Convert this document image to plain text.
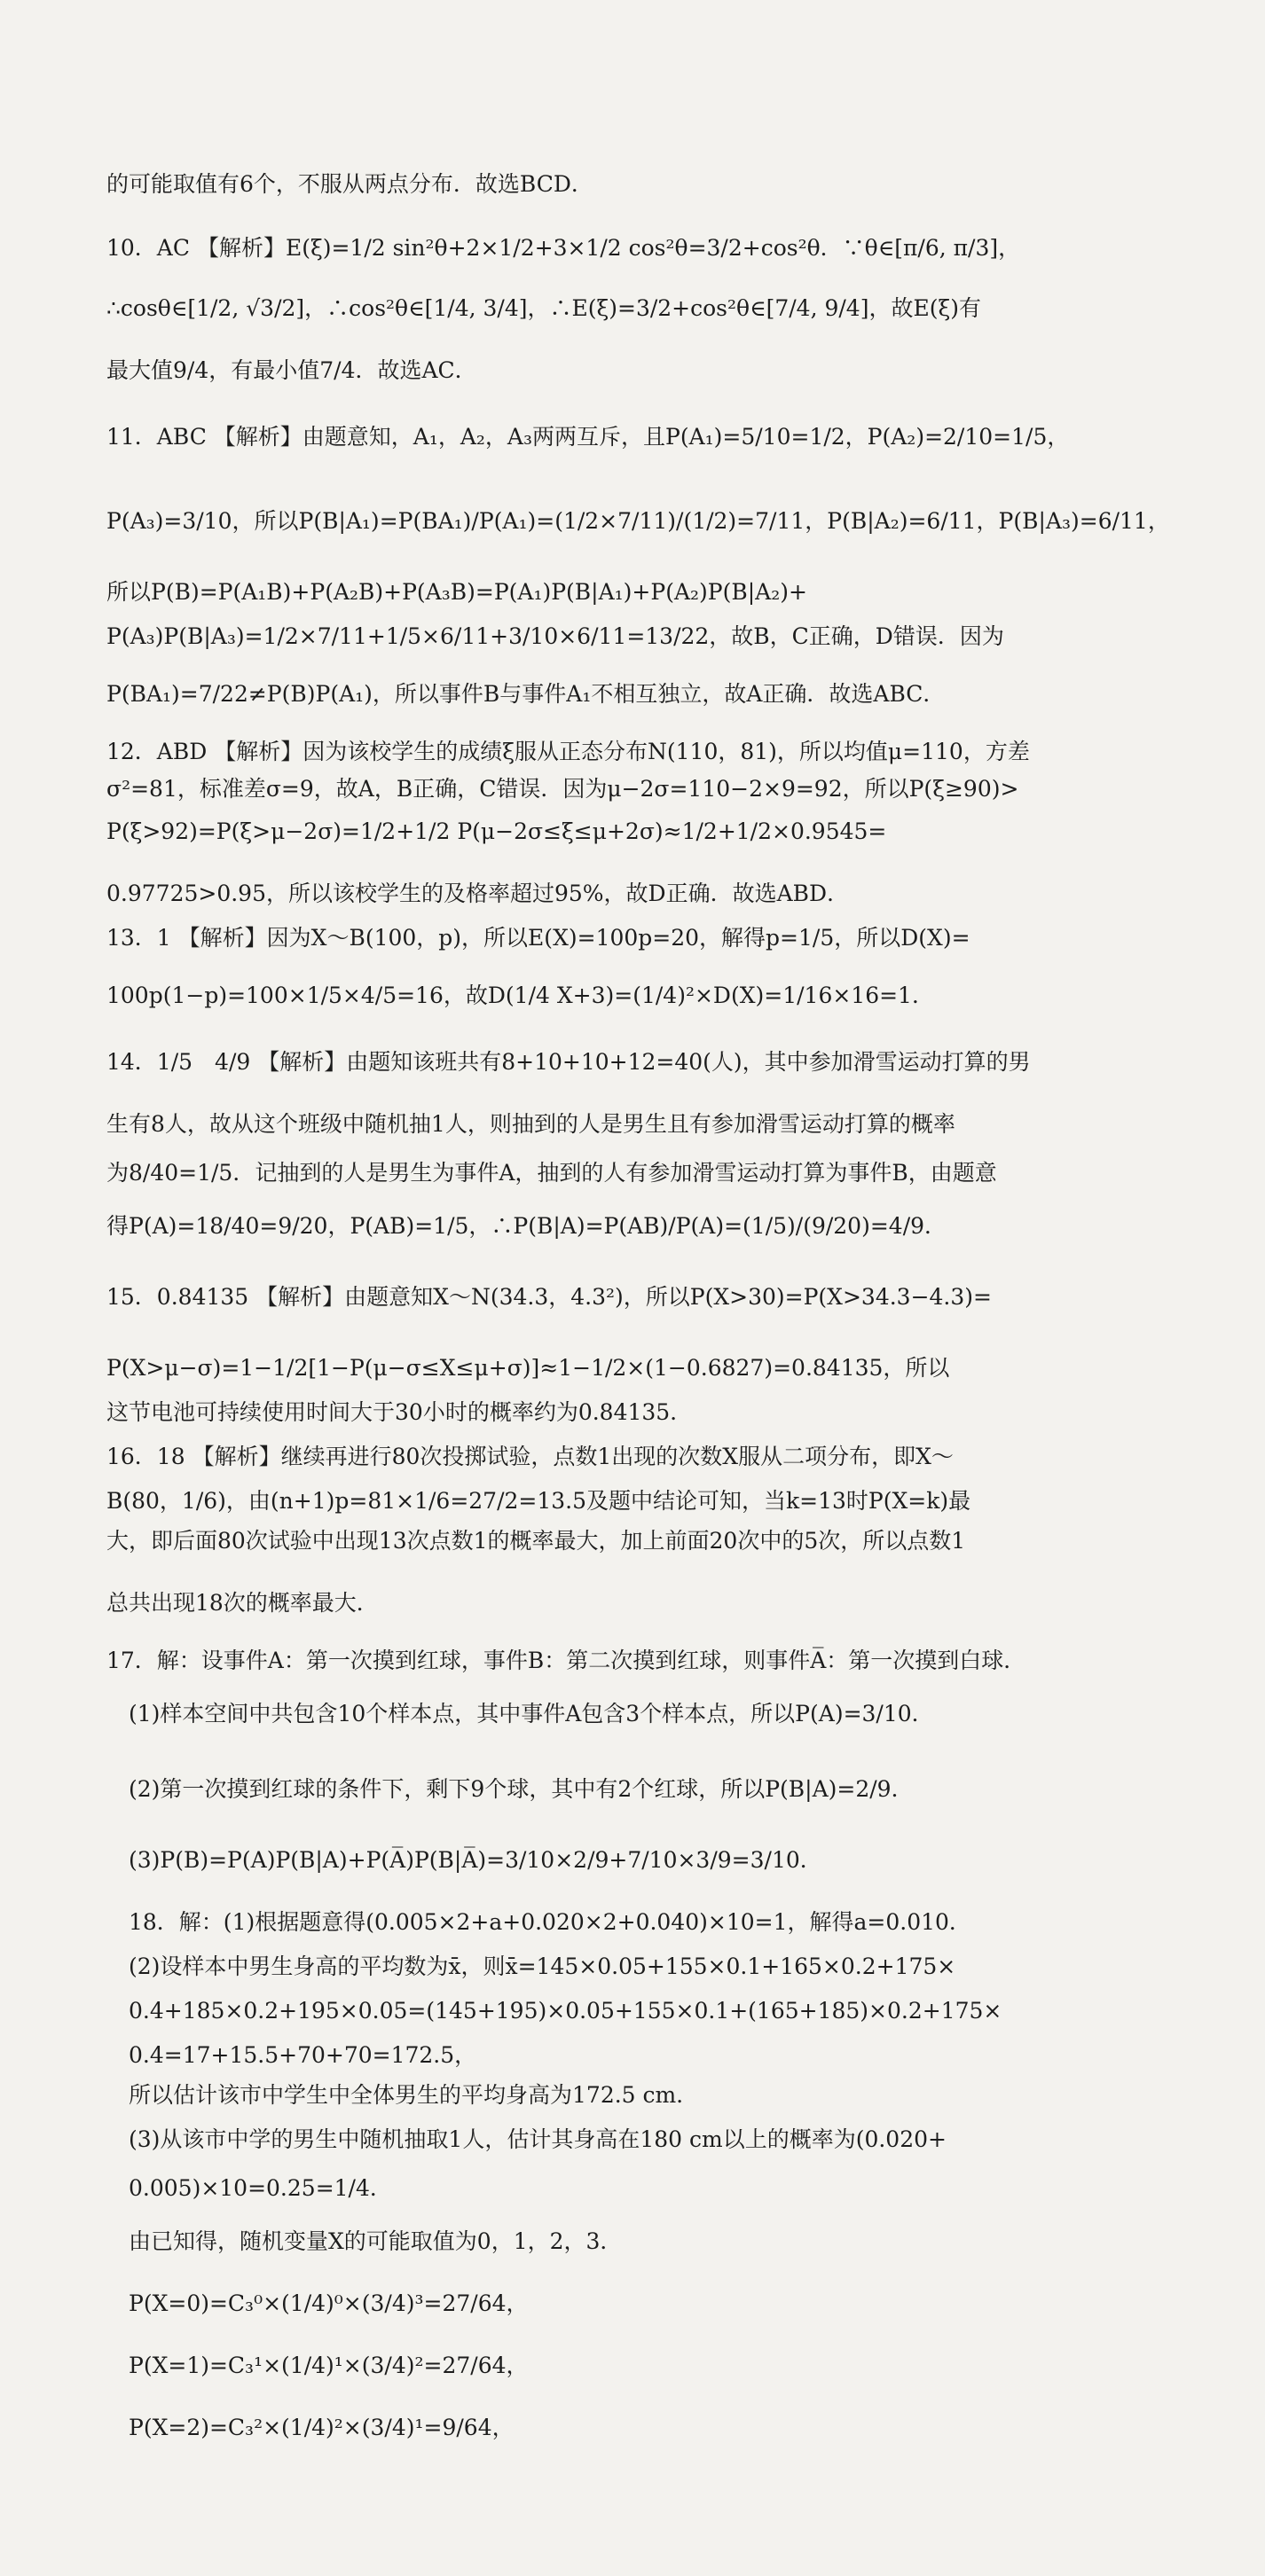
的可能取值有6个，不服从两点分布．故选BCD．
10．AC 【解析】E(ξ)=1/2 sin²θ+2×1/2+3×1/2 cos²θ=3/2+cos²θ．∵θ∈[π/6, π/3]，
∴cosθ∈[1/2, √3/2]，∴cos²θ∈[1/4, 3/4]，∴E(ξ)=3/2+cos²θ∈[7/4, 9/4]，故E(ξ)有
最大值9/4，有最小值7/4．故选AC．
11．ABC 【解析】由题意知，A₁，A₂，A₃两两互斥，且P(A₁)=5/10=1/2，P(A₂)=2/10=1/5，
P(A₃)=3/10，所以P(B|A₁)=P(BA₁)/P(A₁)=(1/2×7/11)/(1/2)=7/11，P(B|A₂)=6/11，P(B|A₃)=6/11，
所以P(B)=P(A₁B)+P(A₂B)+P(A₃B)=P(A₁)P(B|A₁)+P(A₂)P(B|A₂)+
P(A₃)P(B|A₃)=1/2×7/11+1/5×6/11+3/10×6/11=13/22，故B，C正确，D错误．因为
P(BA₁)=7/22≠P(B)P(A₁)，所以事件B与事件A₁不相互独立，故A正确．故选ABC．
12．ABD 【解析】因为该校学生的成绩ξ服从正态分布N(110，81)，所以均值μ=110，方差
σ²=81，标准差σ=9，故A，B正确，C错误．因为μ−2σ=110−2×9=92，所以P(ξ≥90)>
P(ξ>92)=P(ξ>μ−2σ)=1/2+1/2 P(μ−2σ≤ξ≤μ+2σ)≈1/2+1/2×0.9545=
0.97725>0.95，所以该校学生的及格率超过95%，故D正确．故选ABD．
13．1 【解析】因为X～B(100，p)，所以E(X)=100p=20，解得p=1/5，所以D(X)=
100p(1−p)=100×1/5×4/5=16，故D(1/4 X+3)=(1/4)²×D(X)=1/16×16=1．
14．1/5　4/9 【解析】由题知该班共有8+10+10+12=40(人)，其中参加滑雪运动打算的男
生有8人，故从这个班级中随机抽1人，则抽到的人是男生且有参加滑雪运动打算的概率
为8/40=1/5．记抽到的人是男生为事件A，抽到的人有参加滑雪运动打算为事件B，由题意
得P(A)=18/40=9/20，P(AB)=1/5，∴P(B|A)=P(AB)/P(A)=(1/5)/(9/20)=4/9．
15．0.84135 【解析】由题意知X～N(34.3，4.3²)，所以P(X>30)=P(X>34.3−4.3)=
P(X>μ−σ)=1−1/2[1−P(μ−σ≤X≤μ+σ)]≈1−1/2×(1−0.6827)=0.84135，所以
这节电池可持续使用时间大于30小时的概率约为0.84135．
16．18 【解析】继续再进行80次投掷试验，点数1出现的次数X服从二项分布，即X～
B(80，1/6)，由(n+1)p=81×1/6=27/2=13.5及题中结论可知，当k=13时P(X=k)最
大，即后面80次试验中出现13次点数1的概率最大，加上前面20次中的5次，所以点数1
总共出现18次的概率最大．
17．解：设事件A：第一次摸到红球，事件B：第二次摸到红球，则事件A̅：第一次摸到白球．
(1)样本空间中共包含10个样本点，其中事件A包含3个样本点，所以P(A)=3/10．
(2)第一次摸到红球的条件下，剩下9个球，其中有2个红球，所以P(B|A)=2/9．
(3)P(B)=P(A)P(B|A)+P(A̅)P(B|A̅)=3/10×2/9+7/10×3/9=3/10．
18．解：(1)根据题意得(0.005×2+a+0.020×2+0.040)×10=1，解得a=0.010．
(2)设样本中男生身高的平均数为x̄，则x̄=145×0.05+155×0.1+165×0.2+175×
0.4+185×0.2+195×0.05=(145+195)×0.05+155×0.1+(165+185)×0.2+175×
0.4=17+15.5+70+70=172.5，
所以估计该市中学生中全体男生的平均身高为172.5 cm．
(3)从该市中学的男生中随机抽取1人，估计其身高在180 cm以上的概率为(0.020+
0.005)×10=0.25=1/4．
由已知得，随机变量X的可能取值为0，1，2，3．
P(X=0)=C₃⁰×(1/4)⁰×(3/4)³=27/64，
P(X=1)=C₃¹×(1/4)¹×(3/4)²=27/64，
P(X=2)=C₃²×(1/4)²×(3/4)¹=9/64，
